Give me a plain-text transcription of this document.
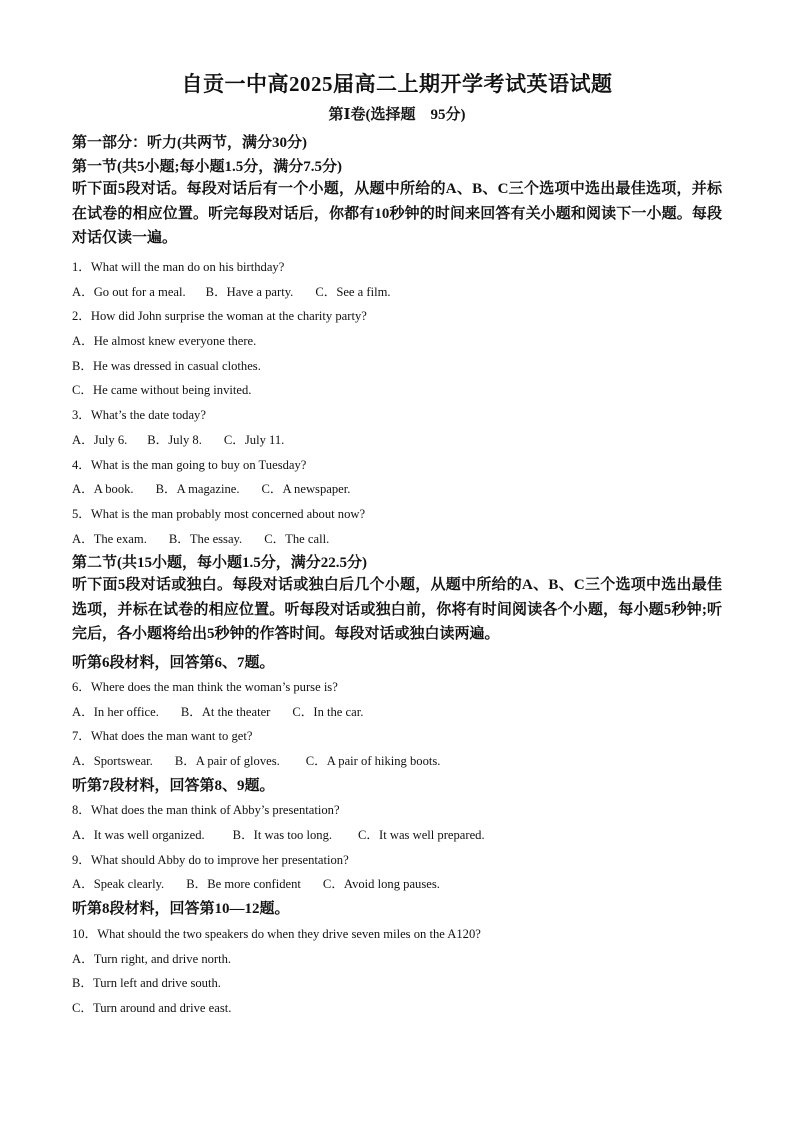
自贡一中高2025届高二上期开学考试英语试题
第Ⅰ卷(选择题　95分)
第一部分：听力(共两节，满分30分)
第一节(共5小题;每小题1.5分，满分7.5分)
听下面5段对话。每段对话后有一个小题，从题中所给的A、B、C三个选项中选出最佳选项，并标在试卷的相应位置。听完每段对话后，你都有10秒钟的时间来回答有关小题和阅读下一小题。每段对话仅读一遍。
1．What will the man do on his birthday?
A．Go out for a meal. B．Have a party. C．See a film.
2．How did John surprise the woman at the charity party?
A．He almost knew everyone there.
B．He was dressed in casual clothes.
C．He came without being invited.
3．What’s the date today?
A．July 6. B．July 8. C．July 11.
4．What is the man going to buy on Tuesday?
A．A book. B．A magazine. C．A newspaper.
5．What is the man probably most concerned about now?
A．The exam. B．The essay. C．The call.
第二节(共15小题，每小题1.5分，满分22.5分)
听下面5段对话或独白。每段对话或独白后几个小题，从题中所给的A、B、C三个选项中选出最佳选项，并标在试卷的相应位置。听每段对话或独白前，你将有时间阅读各个小题，每小题5秒钟;听完后，各小题将给出5秒钟的作答时间。每段对话或独白读两遍。
听第6段材料，回答第6、7题。
6．Where does the man think the woman’s purse is?
A．In her office. B．At the theater C．In the car.
7．What does the man want to get?
A．Sportswear. B．A pair of gloves. C．A pair of hiking boots.
听第7段材料，回答第8、9题。
8．What does the man think of Abby’s presentation?
A．It was well organized. B．It was too long. C．It was well prepared.
9．What should Abby do to improve her presentation?
A．Speak clearly. B．Be more confident C．Avoid long pauses.
听第8段材料，回答第10—12题。
10．What should the two speakers do when they drive seven miles on the A120?
A．Turn right, and drive north.
B．Turn left and drive south.
C．Turn around and drive east.
